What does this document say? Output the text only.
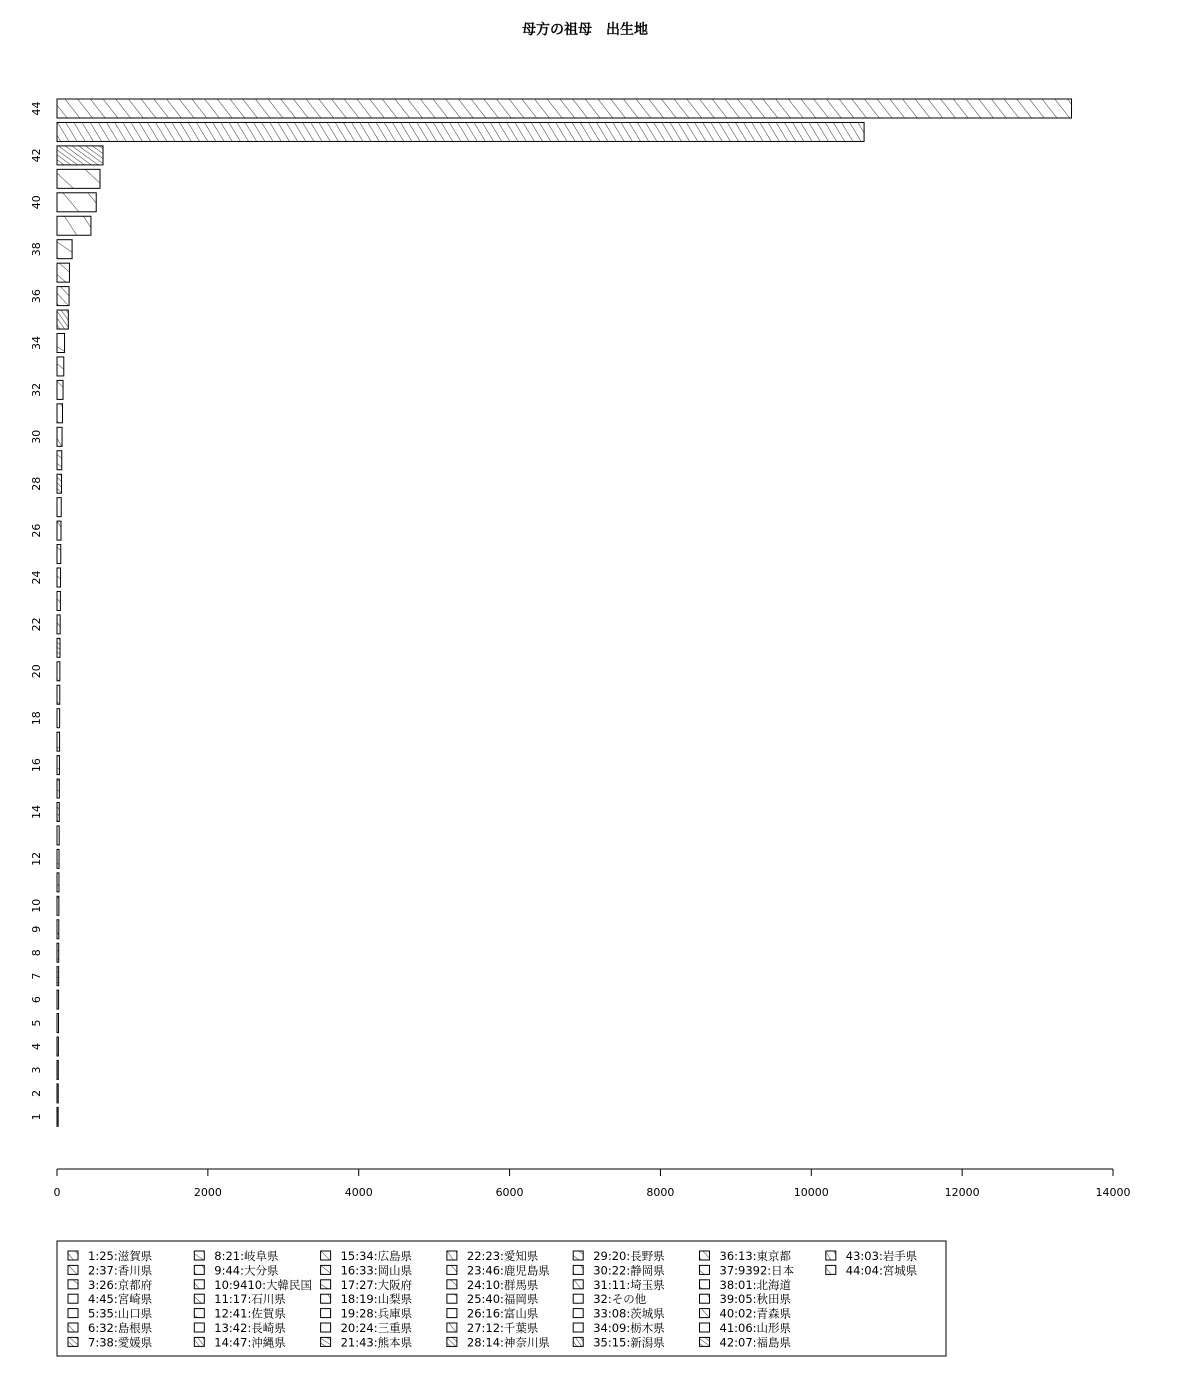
母方の祖母　出生地
1
2
3
4
5
6
7
8
9
10
12
14
16
18
20
22
24
26
28
30
32
34
36
38
40
42
44
0	2000	4000	6000	8000	10000	12000	14000
1:25:滋賀県
2:37:香川県
3:26:京都府
4:45:宮崎県
5:35:山口県
6:32:島根県
7:38:愛媛県
8:21:岐阜県
9:44:大分県
10:9410:大韓民国
11:17:石川県
12:41:佐賀県
13:42:長崎県
14:47:沖縄県
15:34:広島県
16:33:岡山県
17:27:大阪府
18:19:山梨県
19:28:兵庫県
20:24:三重県
21:43:熊本県
22:23:愛知県
23:46:鹿児島県
24:10:群馬県
25:40:福岡県
26:16:富山県
27:12:千葉県
28:14:神奈川県
29:20:長野県
30:22:静岡県
31:11:埼玉県
32:その他
33:08:茨城県
34:09:栃木県
35:15:新潟県
36:13:東京都
37:9392:日本
38:01:北海道
39:05:秋田県
40:02:青森県
41:06:山形県
42:07:福島県
43:03:岩手県
44:04:宮城県
